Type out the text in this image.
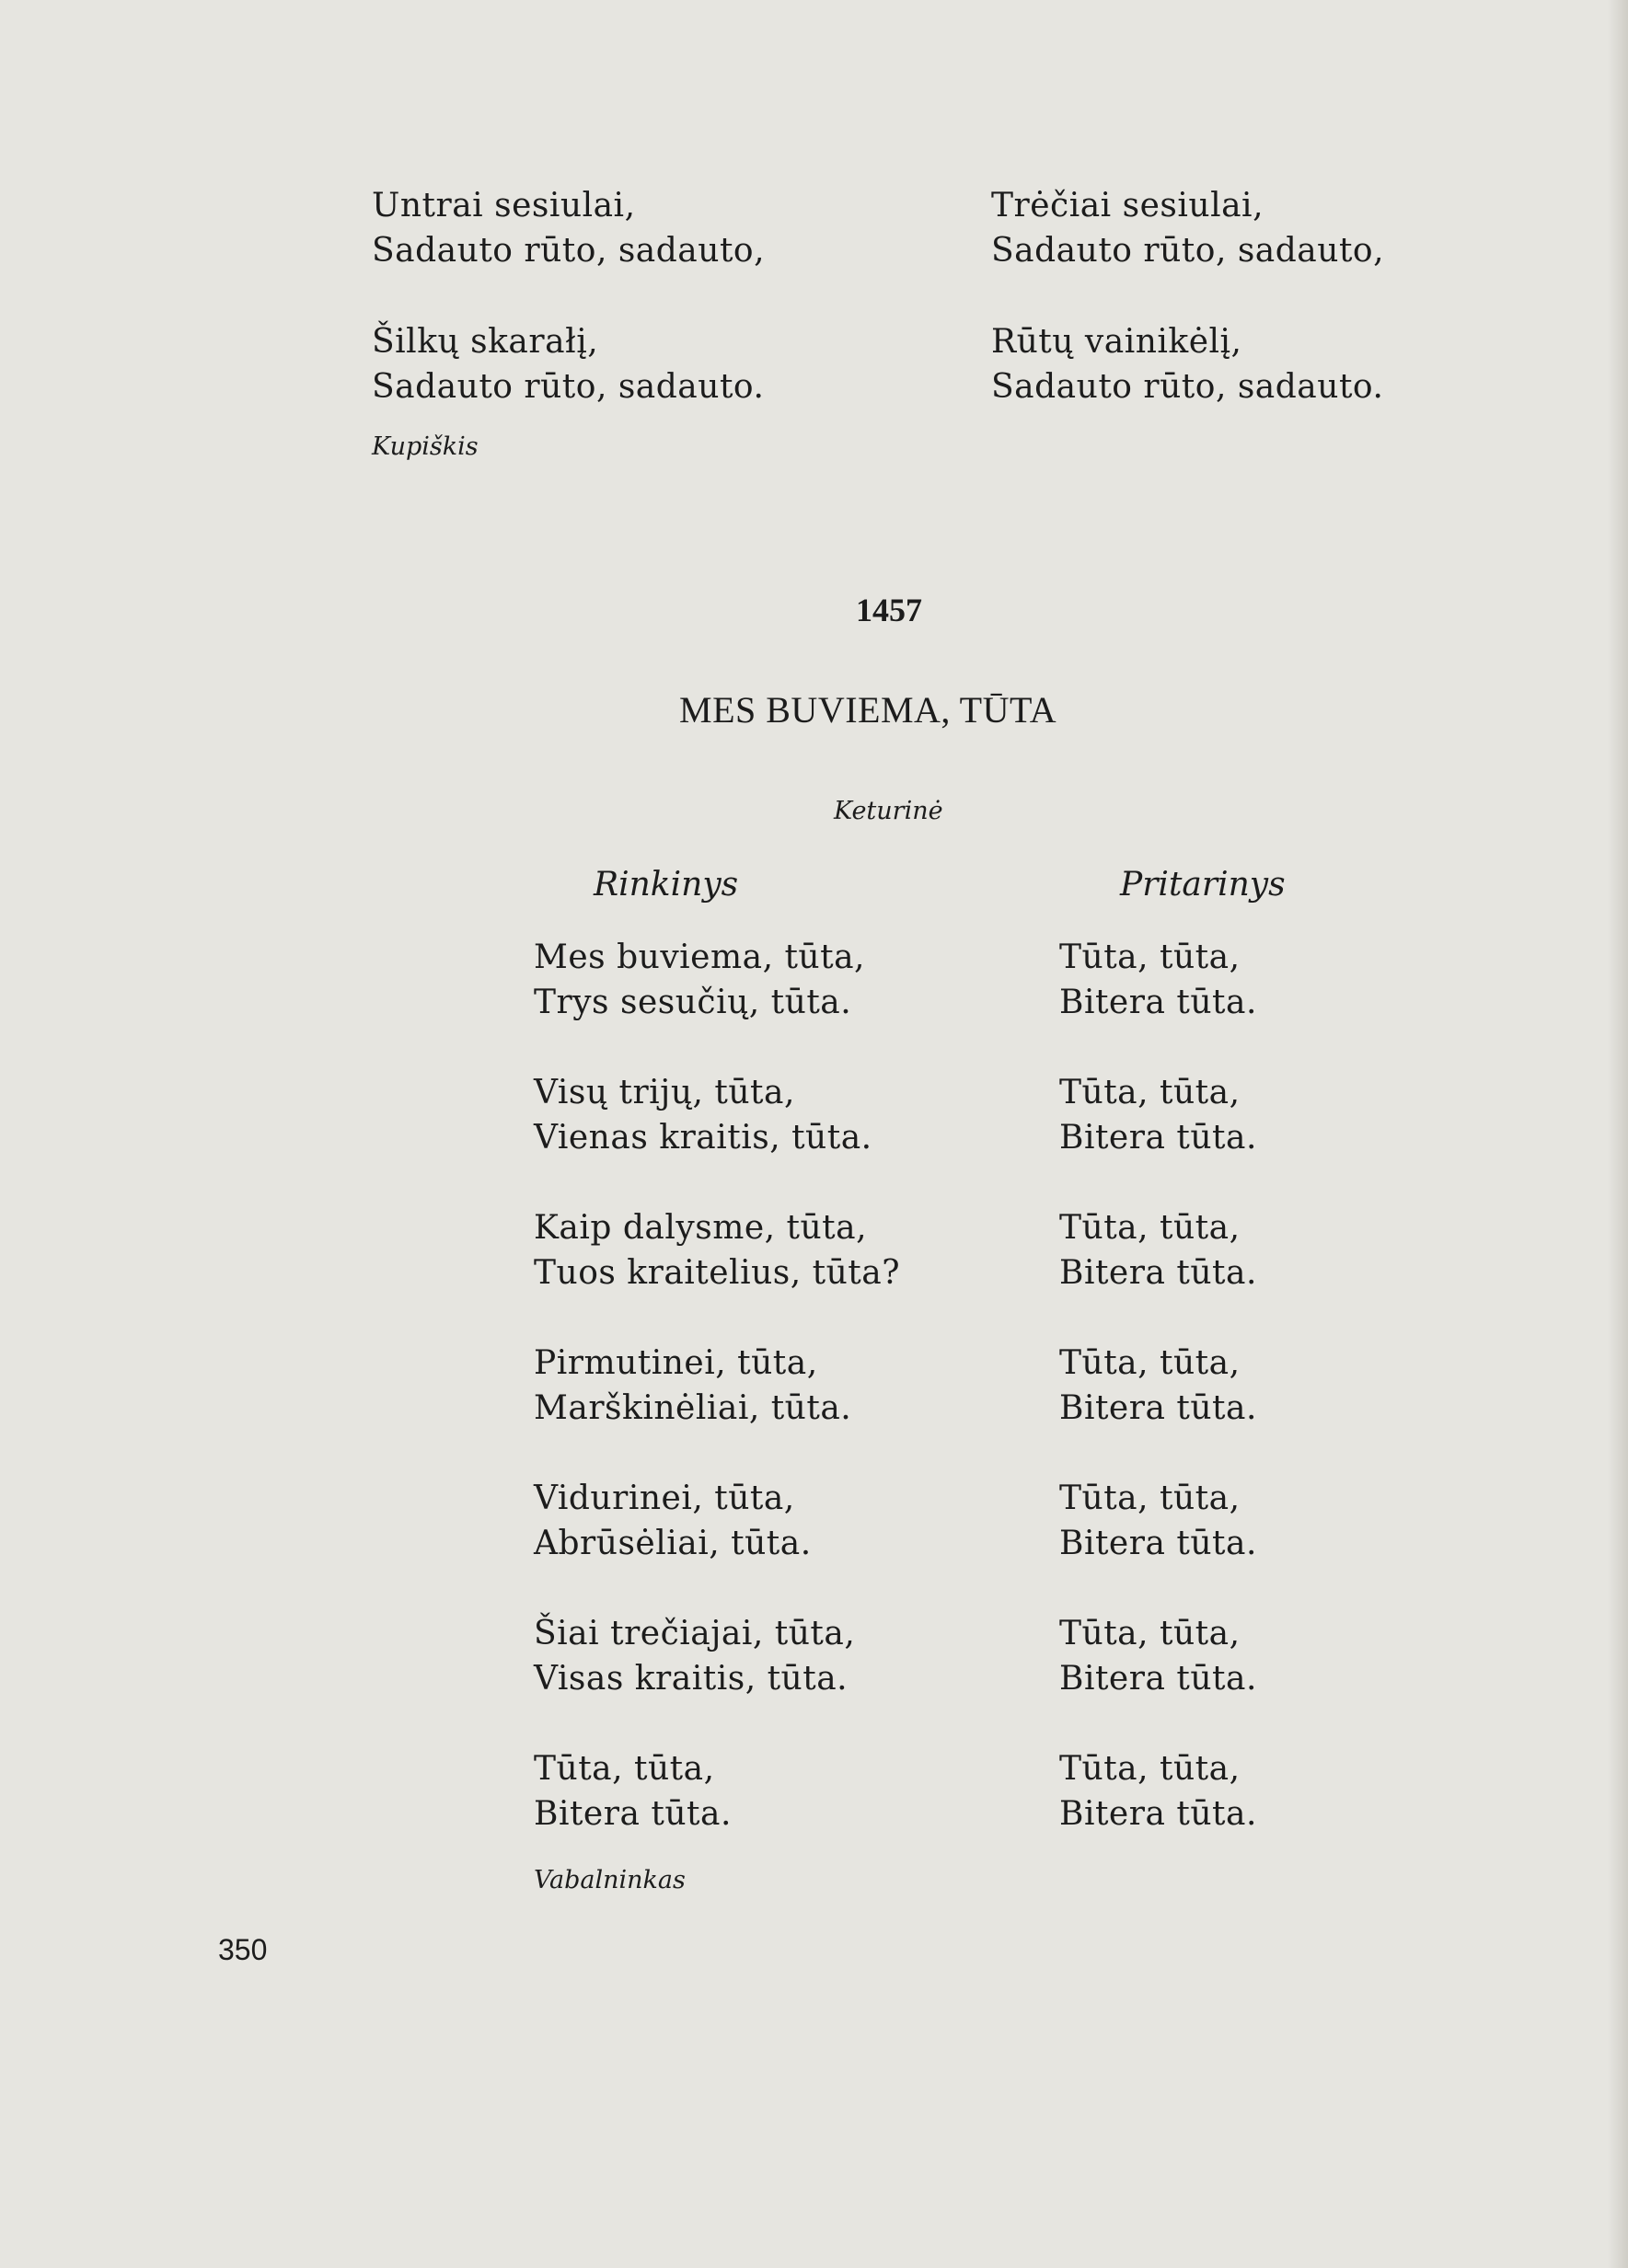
Untrai sesiulai,
Sadauto rūto, sadauto,
Šilkų skarałį,
Sadauto rūto, sadauto.
Trėčiai sesiulai,
Sadauto rūto, sadauto,
Rūtų vainikėlį,
Sadauto rūto, sadauto.
Kupiškis
1457
MES BUVIEMA, TŪTA
Keturinė
Rinkinys	Pritarinys
Mes buviema, tūta,
Trys sesučių, tūta.
Tūta, tūta,
Bitera tūta.
Visų trijų, tūta,
Vienas kraitis, tūta.
Tūta, tūta,
Bitera tūta.
Kaip dalysme, tūta,
Tuos kraitelius, tūta?
Tūta, tūta,
Bitera tūta.
Pirmutinei, tūta,
Marškinėliai, tūta.
Tūta, tūta,
Bitera tūta.
Vidurinei, tūta,
Abrūsėliai, tūta.
Tūta, tūta,
Bitera tūta.
Šiai trečiajai, tūta,
Visas kraitis, tūta.
Tūta, tūta,
Bitera tūta.
Tūta, tūta,
Bitera tūta.
Tūta, tūta,
Bitera tūta.
Vabalninkas
350
